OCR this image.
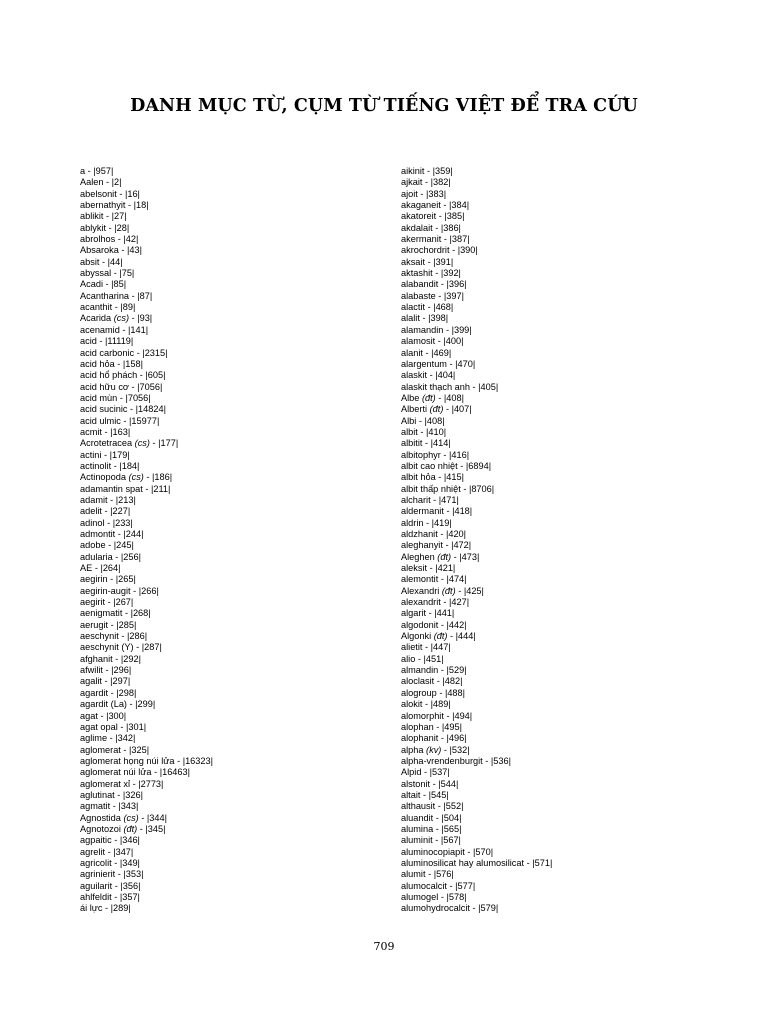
DANH MỤC TỪ, CỤM TỪ TIẾNG VIỆT ĐỂ TRA CỨU
a - |957|
Aalen - |2|
abelsonit - |16|
abernathyit - |18|
ablikit - |27|
ablykit - |28|
abrolhos - |42|
Absaroka - |43|
absit - |44|
abyssal - |75|
Acadi - |85|
Acantharina - |87|
acanthit - |89|
Acarida (cs) - |93|
acenamid - |141|
acid - |11119|
acid carbonic - |2315|
acid hỏa - |158|
acid hổ phách - |605|
acid hữu cơ - |7056|
acid mùn - |7056|
acid sucinic - |14824|
acid ulmic - |15977|
acmit - |163|
Acrotetracea (cs) - |177|
actini - |179|
actinolit - |184|
Actinopoda (cs) - |186|
adamantin spat - |211|
adamit - |213|
adelit - |227|
adinol - |233|
admontit - |244|
adobe - |245|
adularia - |256|
AE - |264|
aegirin - |265|
aegirin-augit - |266|
aegirit - |267|
aenigmatit - |268|
aerugit - |285|
aeschynit - |286|
aeschynit (Y) - |287|
afghanit - |292|
afwilit - |296|
agalit - |297|
agardit - |298|
agardit (La) - |299|
agat - |300|
agat opal - |301|
aglime - |342|
aglomerat - |325|
aglomerat họng núi lửa - |16323|
aglomerat núi lửa - |16463|
aglomerat xỉ - |2773|
aglutinat - |326|
agmatit - |343|
Agnostida (cs) - |344|
Agnotozoi (đt) - |345|
agpaitic - |346|
agrelit - |347|
agricolit - |349|
agrinierit - |353|
aguilarit - |356|
ahlfeldit - |357|
ái lực - |289|
aikinit - |359|
ajkait - |382|
ajoit - |383|
akaganeit - |384|
akatoreit - |385|
akdalait - |386|
akermanit - |387|
akrochordrit - |390|
aksait - |391|
aktashit - |392|
alabandit - |396|
alabaste - |397|
alactit - |468|
alalit - |398|
alamandin - |399|
alamosit - |400|
alanit - |469|
alargentum - |470|
alaskit - |404|
alaskit thạch anh - |405|
Albe (đt) - |408|
Alberti (đt) - |407|
Albi - |408|
albit - |410|
albitit - |414|
albitophyr - |416|
albit cao nhiệt - |6894|
albit hỏa - |415|
albit thấp nhiệt - |8706|
alcharit - |471|
aldermanit - |418|
aldrin - |419|
aldzhanit - |420|
aleghanyit - |472|
Aleghen (đt) - |473|
aleksit - |421|
alemontit - |474|
Alexandri (đt) - |425|
alexandrit - |427|
algarit - |441|
algodonit - |442|
Algonki (đt) - |444|
alietit - |447|
alio - |451|
almandin - |529|
aloclasit - |482|
alogroup - |488|
alokit - |489|
alomorphit - |494|
alophan - |495|
alophanit - |496|
alpha (kv) - |532|
alpha-vrendenburgit - |536|
Alpid - |537|
alstonit - |544|
altait - |545|
althausit - |552|
aluandit - |504|
alumina - |565|
aluminit - |567|
aluminocopiapit - |570|
aluminosilicat hay alumosilicat - |571|
alumit - |576|
alumocalcit - |577|
alumogel - |578|
alumohydrocalcit - |579|
709
